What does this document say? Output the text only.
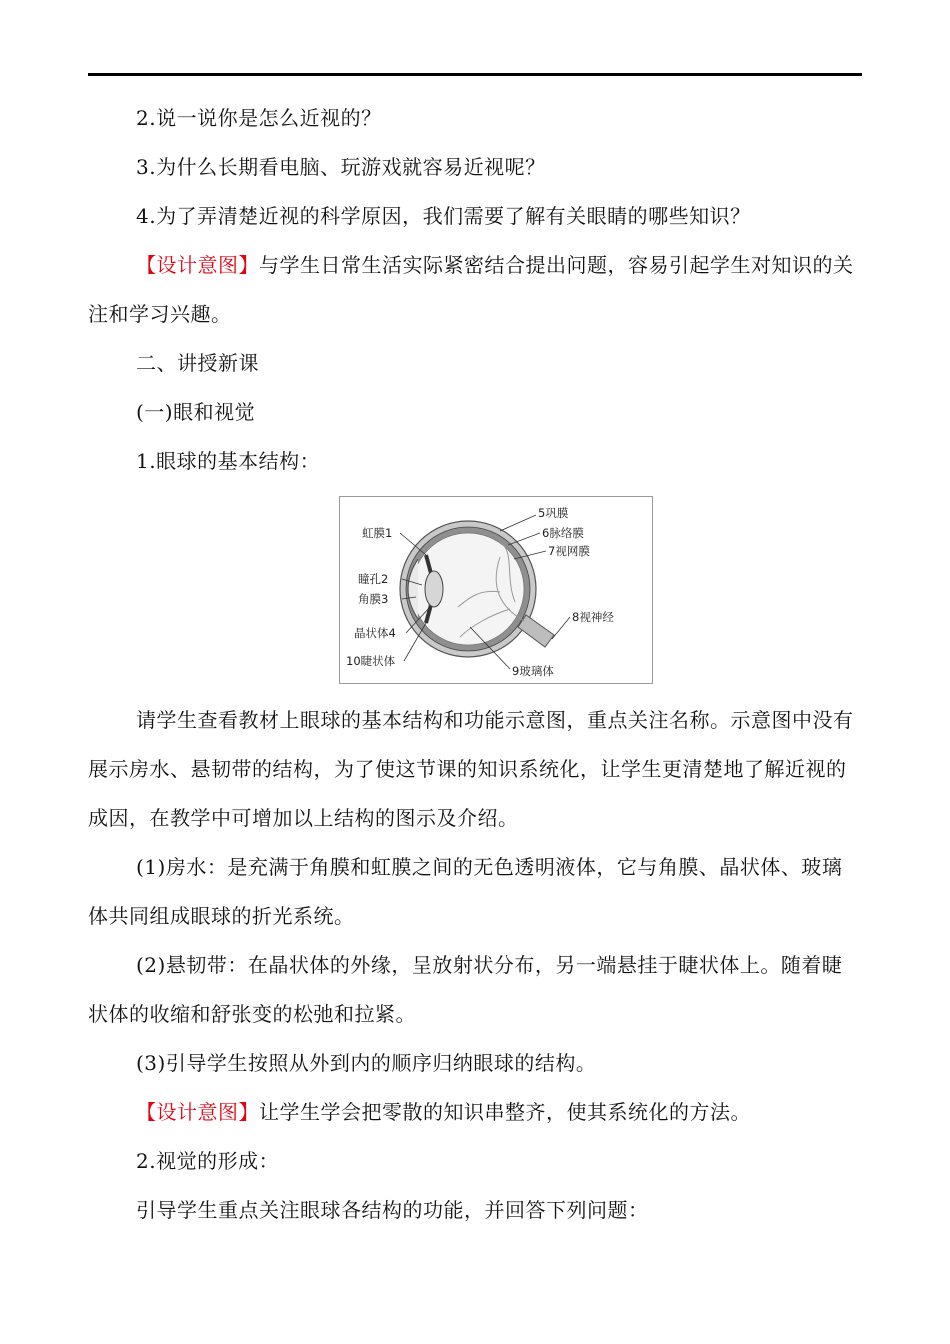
2.说一说你是怎么近视的？

3.为什么长期看电脑、玩游戏就容易近视呢？

4.为了弄清楚近视的科学原因，我们需要了解有关眼睛的哪些知识？

【设计意图】与学生日常生活实际紧密结合提出问题，容易引起学生对知识的关注和学习兴趣。

二、讲授新课

(一)眼和视觉

1.眼球的基本结构：

虹膜1
瞳孔2
角膜3
晶状体4
10睫状体
5巩膜
6脉络膜
7视网膜
8视神经
9玻璃体

请学生查看教材上眼球的基本结构和功能示意图，重点关注名称。示意图中没有展示房水、悬韧带的结构，为了使这节课的知识系统化，让学生更清楚地了解近视的成因，在教学中可增加以上结构的图示及介绍。

(1)房水：是充满于角膜和虹膜之间的无色透明液体，它与角膜、晶状体、玻璃体共同组成眼球的折光系统。

(2)悬韧带：在晶状体的外缘，呈放射状分布，另一端悬挂于睫状体上。随着睫状体的收缩和舒张变的松弛和拉紧。

(3)引导学生按照从外到内的顺序归纳眼球的结构。

【设计意图】让学生学会把零散的知识串整齐，使其系统化的方法。

2.视觉的形成：

引导学生重点关注眼球各结构的功能，并回答下列问题：
